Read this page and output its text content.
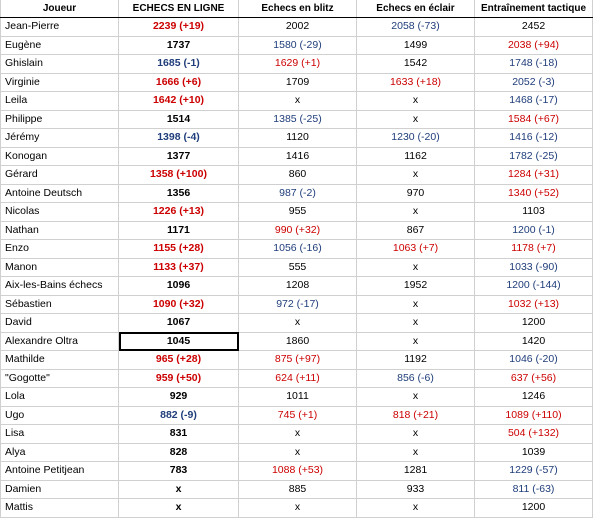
Joueur	ECHECS EN LIGNE	Echecs en blitz	Echecs en éclair	Entraînement tactique
Jean-Pierre	2239 (+19)	2002	2058 (-73)	2452
Eugène	1737	1580 (-29)	1499	2038 (+94)
Ghislain	1685 (-1)	1629 (+1)	1542	1748 (-18)
Virginie	1666 (+6)	1709	1633 (+18)	2052 (-3)
Leila	1642 (+10)	x	x	1468 (-17)
Philippe	1514	1385 (-25)	x	1584 (+67)
Jérémy	1398 (-4)	1120	1230 (-20)	1416 (-12)
Konogan	1377	1416	1162	1782 (-25)
Gérard	1358 (+100)	860	x	1284 (+31)
Antoine Deutsch	1356	987 (-2)	970	1340 (+52)
Nicolas	1226 (+13)	955	x	1103
Nathan	1171	990 (+32)	867	1200 (-1)
Enzo	1155 (+28)	1056 (-16)	1063 (+7)	1178 (+7)
Manon	1133 (+37)	555	x	1033 (-90)
Aix-les-Bains échecs	1096	1208	1952	1200 (-144)
Sébastien	1090 (+32)	972 (-17)	x	1032 (+13)
David	1067	x	x	1200
Alexandre Oltra	1045	1860	x	1420
Mathilde	965 (+28)	875 (+97)	1192	1046 (-20)
"Gogotte"	959 (+50)	624 (+11)	856 (-6)	637 (+56)
Lola	929	1011	x	1246
Ugo	882 (-9)	745 (+1)	818 (+21)	1089 (+110)
Lisa	831	x	x	504 (+132)
Alya	828	x	x	1039
Antoine Petitjean	783	1088 (+53)	1281	1229 (-57)
Damien	x	885	933	811 (-63)
Mattis	x	x	x	1200
